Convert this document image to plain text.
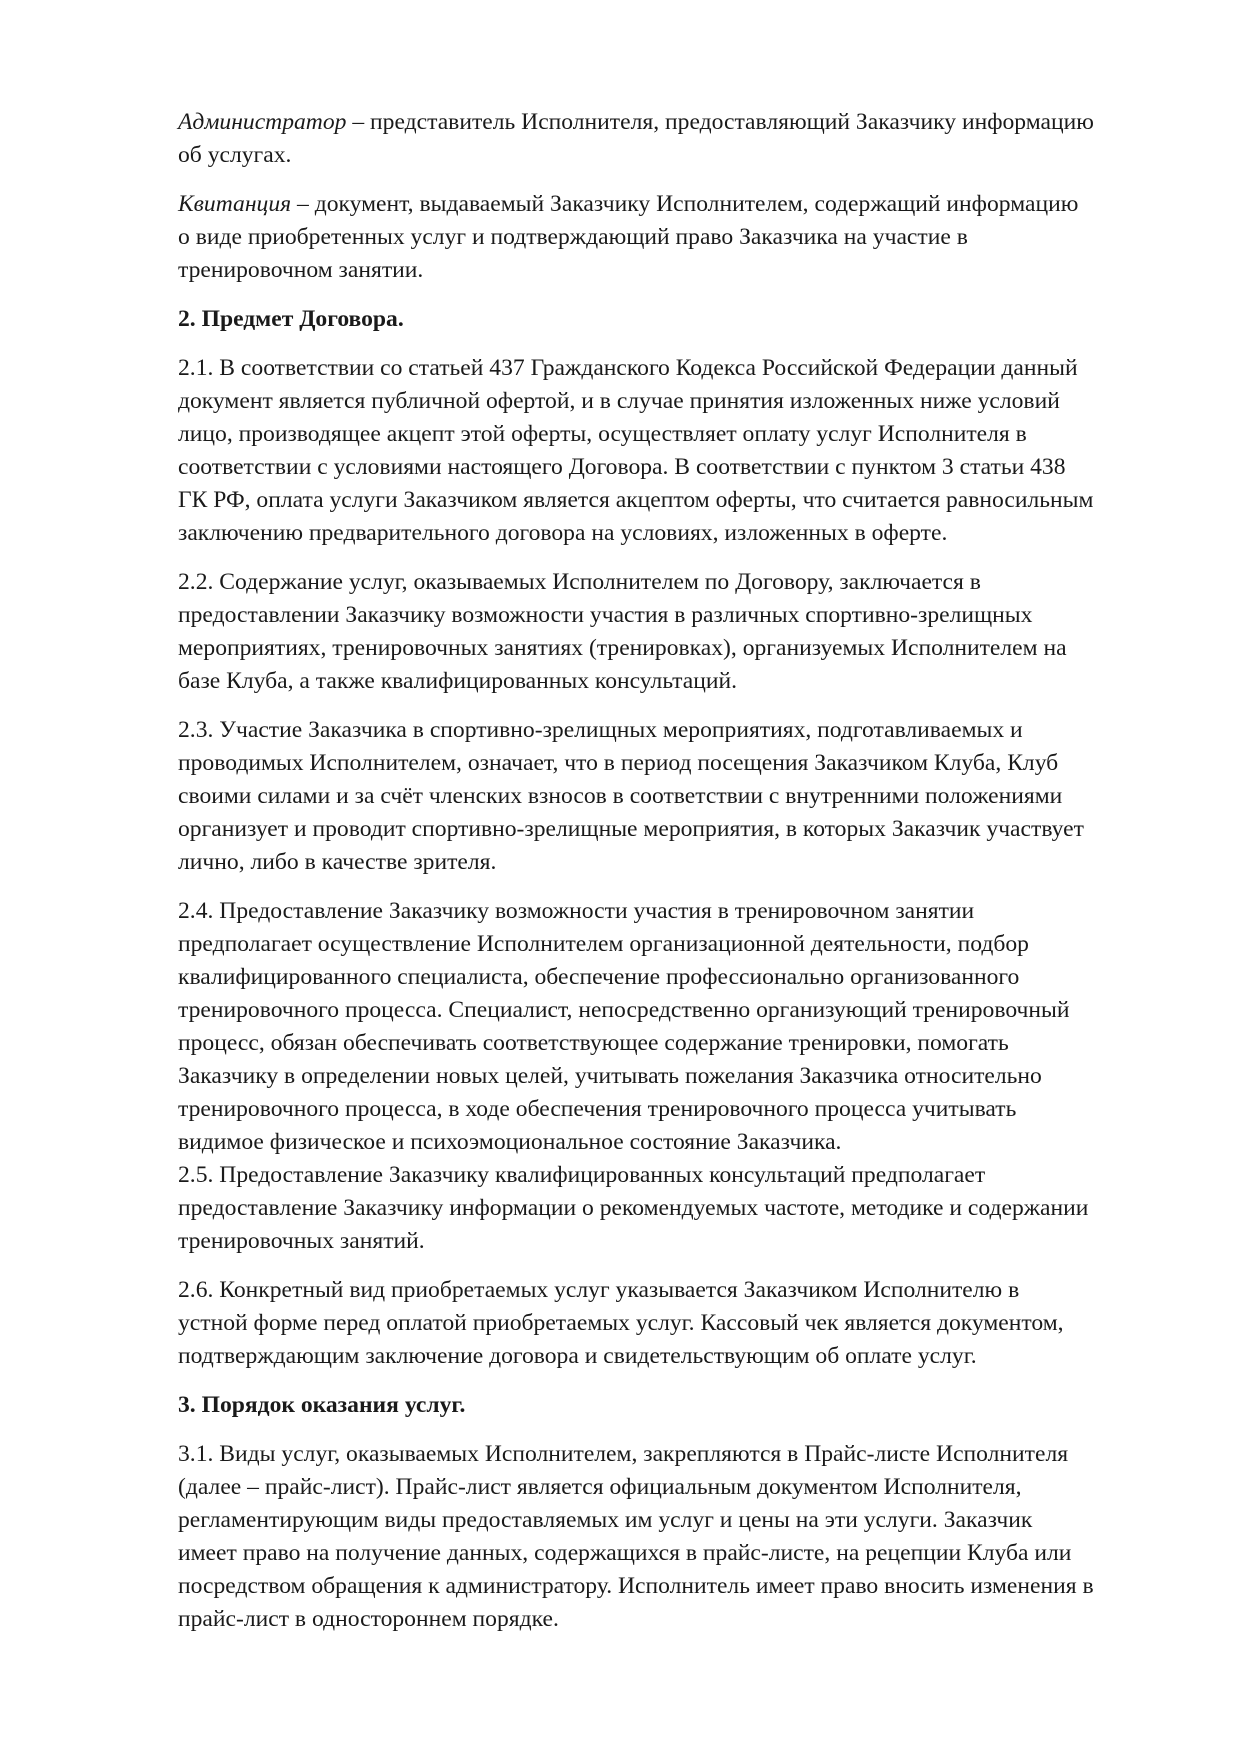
Администратор – представитель Исполнителя, предоставляющий Заказчику информацию
об услугах.

Квитанция – документ, выдаваемый Заказчику Исполнителем, содержащий информацию
о виде приобретенных услуг и подтверждающий право Заказчика на участие в
тренировочном занятии.

2. Предмет Договора.

2.1. В соответствии со статьей 437 Гражданского Кодекса Российской Федерации данный
документ является публичной офертой, и в случае принятия изложенных ниже условий
лицо, производящее акцепт этой оферты, осуществляет оплату услуг Исполнителя в
соответствии с условиями настоящего Договора. В соответствии с пунктом 3 статьи 438
ГК РФ, оплата услуги Заказчиком является акцептом оферты, что считается равносильным
заключению предварительного договора на условиях, изложенных в оферте.

2.2. Содержание услуг, оказываемых Исполнителем по Договору, заключается в
предоставлении Заказчику возможности участия в различных спортивно-зрелищных
мероприятиях, тренировочных занятиях (тренировках), организуемых Исполнителем на
базе Клуба, а также квалифицированных консультаций.

2.3. Участие Заказчика в спортивно-зрелищных мероприятиях, подготавливаемых и
проводимых Исполнителем, означает, что в период посещения Заказчиком Клуба, Клуб
своими силами и за счёт членских взносов в соответствии с внутренними положениями
организует и проводит спортивно-зрелищные мероприятия, в которых Заказчик участвует
лично, либо в качестве зрителя.

2.4. Предоставление Заказчику возможности участия в тренировочном занятии
предполагает осуществление Исполнителем организационной деятельности, подбор
квалифицированного специалиста, обеспечение профессионально организованного
тренировочного процесса. Специалист, непосредственно организующий тренировочный
процесс, обязан обеспечивать соответствующее содержание тренировки, помогать
Заказчику в определении новых целей, учитывать пожелания Заказчика относительно
тренировочного процесса, в ходе обеспечения тренировочного процесса учитывать
видимое физическое и психоэмоциональное состояние Заказчика.

2.5. Предоставление Заказчику квалифицированных консультаций предполагает
предоставление Заказчику информации о рекомендуемых частоте, методике и содержании
тренировочных занятий.

2.6. Конкретный вид приобретаемых услуг указывается Заказчиком Исполнителю в
устной форме перед оплатой приобретаемых услуг. Кассовый чек является документом,
подтверждающим заключение договора и свидетельствующим об оплате услуг.

3. Порядок оказания услуг.

3.1. Виды услуг, оказываемых Исполнителем, закрепляются в Прайс-листе Исполнителя
(далее – прайс-лист). Прайс-лист является официальным документом Исполнителя,
регламентирующим виды предоставляемых им услуг и цены на эти услуги. Заказчик
имеет право на получение данных, содержащихся в прайс-листе, на рецепции Клуба или
посредством обращения к администратору. Исполнитель имеет право вносить изменения в
прайс-лист в одностороннем порядке.
